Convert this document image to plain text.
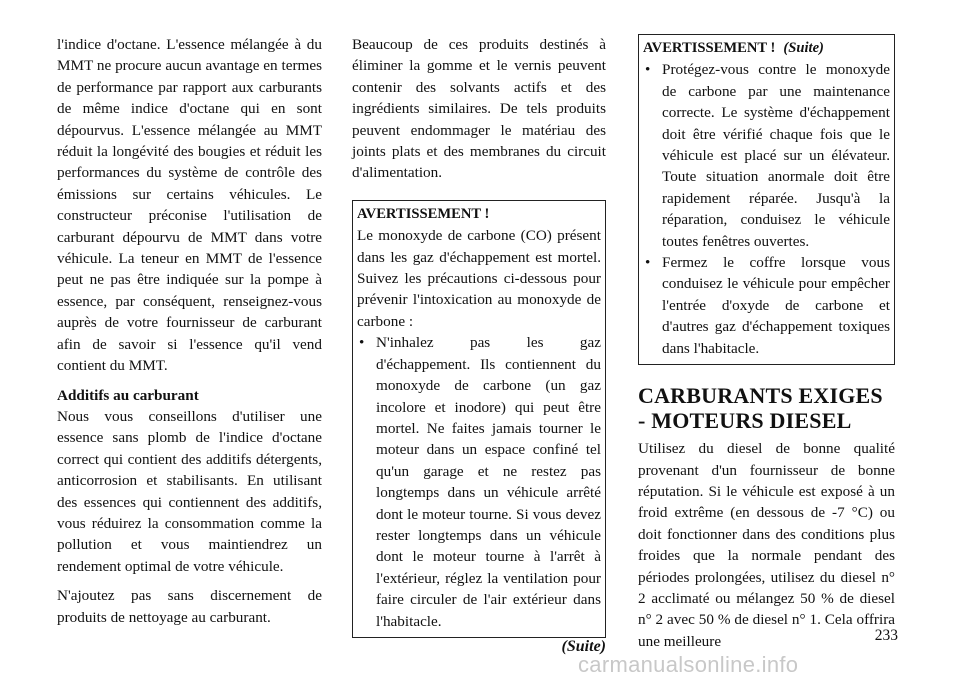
l'indice d'octane. L'essence mélangée à du MMT ne procure aucun avantage en termes de performance par rapport aux carburants de même indice d'octane qui en sont dépourvus. L'essence mélangée au MMT réduit la longévité des bougies et réduit les performances du système de contrôle des émissions sur certains véhicules. Le constructeur préconise l'utilisation de carburant dépourvu de MMT dans votre véhicule. La teneur en MMT de l'essence peut ne pas être indiquée sur la pompe à essence, par conséquent, renseignez-vous auprès de votre fournisseur de carburant afin de savoir si l'essence qu'il vend contient du MMT.

Additifs au carburant

Nous vous conseillons d'utiliser une essence sans plomb de l'indice d'octane correct qui contient des additifs détergents, anticorrosion et stabilisants. En utilisant des essences qui contiennent des additifs, vous réduirez la consommation comme la pollution et vous maintiendrez un rendement optimal de votre véhicule.

N'ajoutez pas sans discernement de produits de nettoyage au carburant.

Beaucoup de ces produits destinés à éliminer la gomme et le vernis peuvent contenir des solvants actifs et des ingrédients similaires. De tels produits peuvent endommager le matériau des joints plats et des membranes du circuit d'alimentation.

AVERTISSEMENT !

Le monoxyde de carbone (CO) présent dans les gaz d'échappement est mortel. Suivez les précautions ci-dessous pour prévenir l'intoxication au monoxyde de carbone :

• N'inhalez pas les gaz d'échappement. Ils contiennent du monoxyde de carbone (un gaz incolore et inodore) qui peut être mortel. Ne faites jamais tourner le moteur dans un espace confiné tel qu'un garage et ne restez pas longtemps dans un véhicule arrêté dont le moteur tourne. Si vous devez rester longtemps dans un véhicule dont le moteur tourne à l'arrêt à l'extérieur, réglez la ventilation pour faire circuler de l'air extérieur dans l'habitacle.
(Suite)
AVERTISSEMENT ! (Suite)
• Protégez-vous contre le monoxyde de carbone par une maintenance correcte. Le système d'échappement doit être vérifié chaque fois que le véhicule est placé sur un élévateur. Toute situation anormale doit être rapidement réparée. Jusqu'à la réparation, conduisez le véhicule toutes fenêtres ouvertes.
• Fermez le coffre lorsque vous conduisez le véhicule pour empêcher l'entrée d'oxyde de carbone et d'autres gaz d'échappement toxiques dans l'habitacle.
CARBURANTS EXIGES - MOTEURS DIESEL

Utilisez du diesel de bonne qualité provenant d'un fournisseur de bonne réputation. Si le véhicule est exposé à un froid extrême (en dessous de -7 °C) ou doit fonctionner dans des conditions plus froides que la normale pendant des périodes prolongées, utilisez du diesel n° 2 acclimaté ou mélangez 50 % de diesel n° 2 avec 50 % de diesel n° 1. Cela offrira une meilleure	233
carmanualsonline.info
